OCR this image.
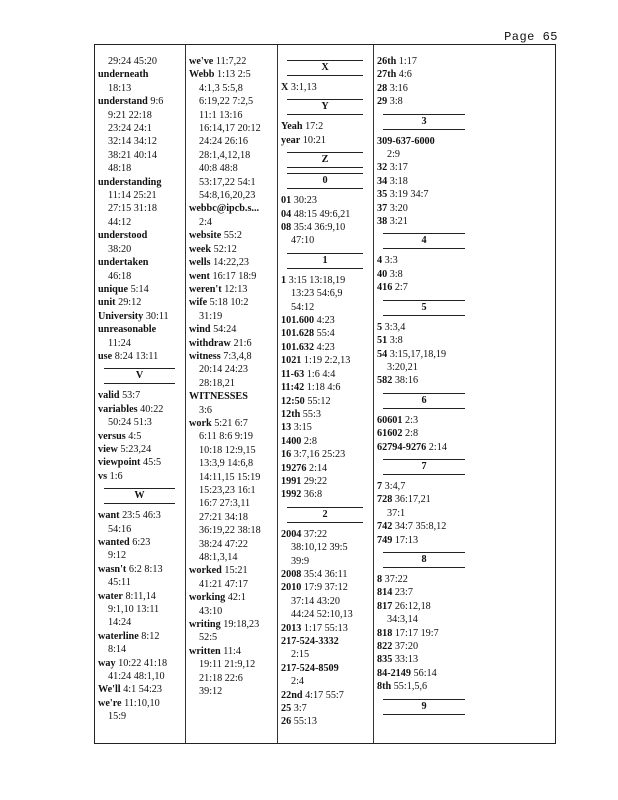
Page 65
29:24 45:20
underneath
18:13
understand 9:6
9:21 22:18
23:24 24:1
32:14 34:12
38:21 40:14
48:18
understanding
11:14 25:21
27:15 31:18
44:12
understood
38:20
undertaken
46:18
unique 5:14
unit 29:12
University 30:11
unreasonable
11:24
use 8:24 13:11
V
valid 53:7
variables 40:22
50:24 51:3
versus 4:5
view 5:23,24
viewpoint 45:5
vs 1:6
W
want 23:5 46:3
54:16
wanted 6:23
9:12
wasn't 6:2 8:13
45:11
water 8:11,14
9:1,10 13:11
14:24
waterline 8:12
8:14
way 10:22 41:18
41:24 48:1,10
We'll 4:1 54:23
we're 11:10,10
15:9
we've 11:7,22
Webb 1:13 2:5
4:1,3 5:5,8
6:19,22 7:2,5
11:1 13:16
16:14,17 20:12
24:24 26:16
28:1,4,12,18
40:8 48:8
53:17,22 54:1
54:8,16,20,23
webbc@ipcb.s...
2:4
website 55:2
week 52:12
wells 14:22,23
went 16:17 18:9
weren't 12:13
wife 5:18 10:2
31:19
wind 54:24
withdraw 21:6
witness 7:3,4,8
20:14 24:23
28:18,21
WITNESSES
3:6
work 5:21 6:7
6:11 8:6 9:19
10:18 12:9,15
13:3,9 14:6,8
14:11,15 15:19
15:23,23 16:1
16:7 27:3,11
27:21 34:18
36:19,22 38:18
38:24 47:22
48:1,3,14
worked 15:21
41:21 47:17
working 42:1
43:10
writing 19:18,23
52:5
written 11:4
19:11 21:9,12
21:18 22:6
39:12
X
X 3:1,13
Y
Yeah 17:2
year 10:21
Z
0
01 30:23
04 48:15 49:6,21
08 35:4 36:9,10
47:10
1
1 3:15 13:18,19
13:23 54:6,9
54:12
101.600 4:23
101.628 55:4
101.632 4:23
1021 1:19 2:2,13
11-63 1:6 4:4
11:42 1:18 4:6
12:50 55:12
12th 55:3
13 3:15
1400 2:8
16 3:7,16 25:23
19276 2:14
1991 29:22
1992 36:8
2
2004 37:22
38:10,12 39:5
39:9
2008 35:4 36:11
2010 17:9 37:12
37:14 43:20
44:24 52:10,13
2013 1:17 55:13
217-524-3332
2:15
217-524-8509
2:4
22nd 4:17 55:7
25 3:7
26 55:13
26th 1:17
27th 4:6
28 3:16
29 3:8
3
309-637-6000
2:9
32 3:17
34 3:18
35 3:19 34:7
37 3:20
38 3:21
4
4 3:3
40 3:8
416 2:7
5
5 3:3,4
51 3:8
54 3:15,17,18,19
3:20,21
582 38:16
6
60601 2:3
61602 2:8
62794-9276 2:14
7
7 3:4,7
728 36:17,21
37:1
742 34:7 35:8,12
749 17:13
8
8 37:22
814 23:7
817 26:12,18
34:3,14
818 17:17 19:7
822 37:20
835 33:13
84-2149 56:14
8th 55:1,5,6
9
